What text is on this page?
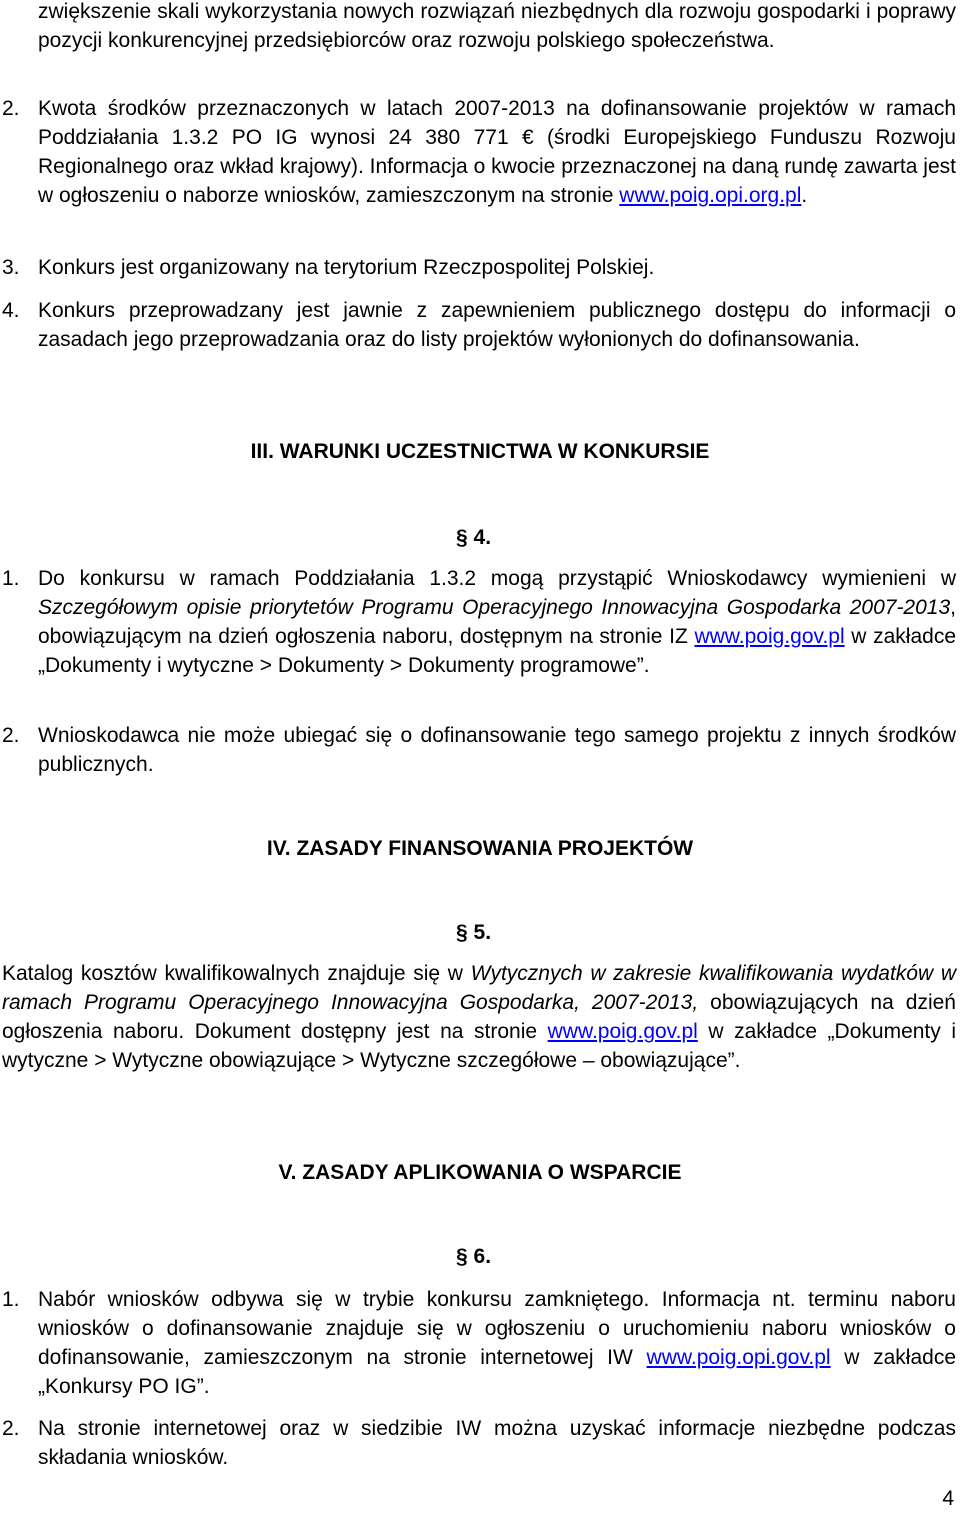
zwiększenie skali wykorzystania nowych rozwiązań niezbędnych dla rozwoju gospodarki i poprawy pozycji konkurencyjnej przedsiębiorców oraz rozwoju polskiego społeczeństwa.
2. Kwota środków przeznaczonych w latach 2007-2013 na dofinansowanie projektów w ramach Poddziałania 1.3.2 PO IG wynosi 24 380 771 € (środki Europejskiego Funduszu Rozwoju Regionalnego oraz wkład krajowy). Informacja o kwocie przeznaczonej na daną rundę zawarta jest w ogłoszeniu o naborze wniosków, zamieszczonym na stronie www.poig.opi.org.pl.
3. Konkurs jest organizowany na terytorium Rzeczpospolitej Polskiej.
4. Konkurs przeprowadzany jest jawnie z zapewnieniem publicznego dostępu do informacji o zasadach jego przeprowadzania oraz do listy projektów wyłonionych do dofinansowania.
III. WARUNKI UCZESTNICTWA W KONKURSIE
§ 4.
1. Do konkursu w ramach Poddziałania 1.3.2 mogą przystąpić Wnioskodawcy wymienieni w Szczegółowym opisie priorytetów Programu Operacyjnego Innowacyjna Gospodarka 2007-2013, obowiązującym na dzień ogłoszenia naboru, dostępnym na stronie IZ www.poig.gov.pl w zakładce „Dokumenty i wytyczne > Dokumenty > Dokumenty programowe”.
2. Wnioskodawca nie może ubiegać się o dofinansowanie tego samego projektu z innych środków publicznych.
IV. ZASADY FINANSOWANIA PROJEKTÓW
§ 5.
Katalog kosztów kwalifikowalnych znajduje się w Wytycznych w zakresie kwalifikowania wydatków w ramach Programu Operacyjnego Innowacyjna Gospodarka, 2007-2013, obowiązujących na dzień ogłoszenia naboru. Dokument dostępny jest na stronie www.poig.gov.pl w zakładce „Dokumenty i wytyczne > Wytyczne obowiązujące > Wytyczne szczegółowe – obowiązujące”.
V. ZASADY APLIKOWANIA O WSPARCIE
§ 6.
1. Nabór wniosków odbywa się w trybie konkursu zamkniętego. Informacja nt. terminu naboru wniosków o dofinansowanie znajduje się w ogłoszeniu o uruchomieniu naboru wniosków o dofinansowanie, zamieszczonym na stronie internetowej IW www.poig.opi.gov.pl w zakładce „Konkursy PO IG”.
2. Na stronie internetowej oraz w siedzibie IW można uzyskać informacje niezbędne podczas składania wniosków.
4
